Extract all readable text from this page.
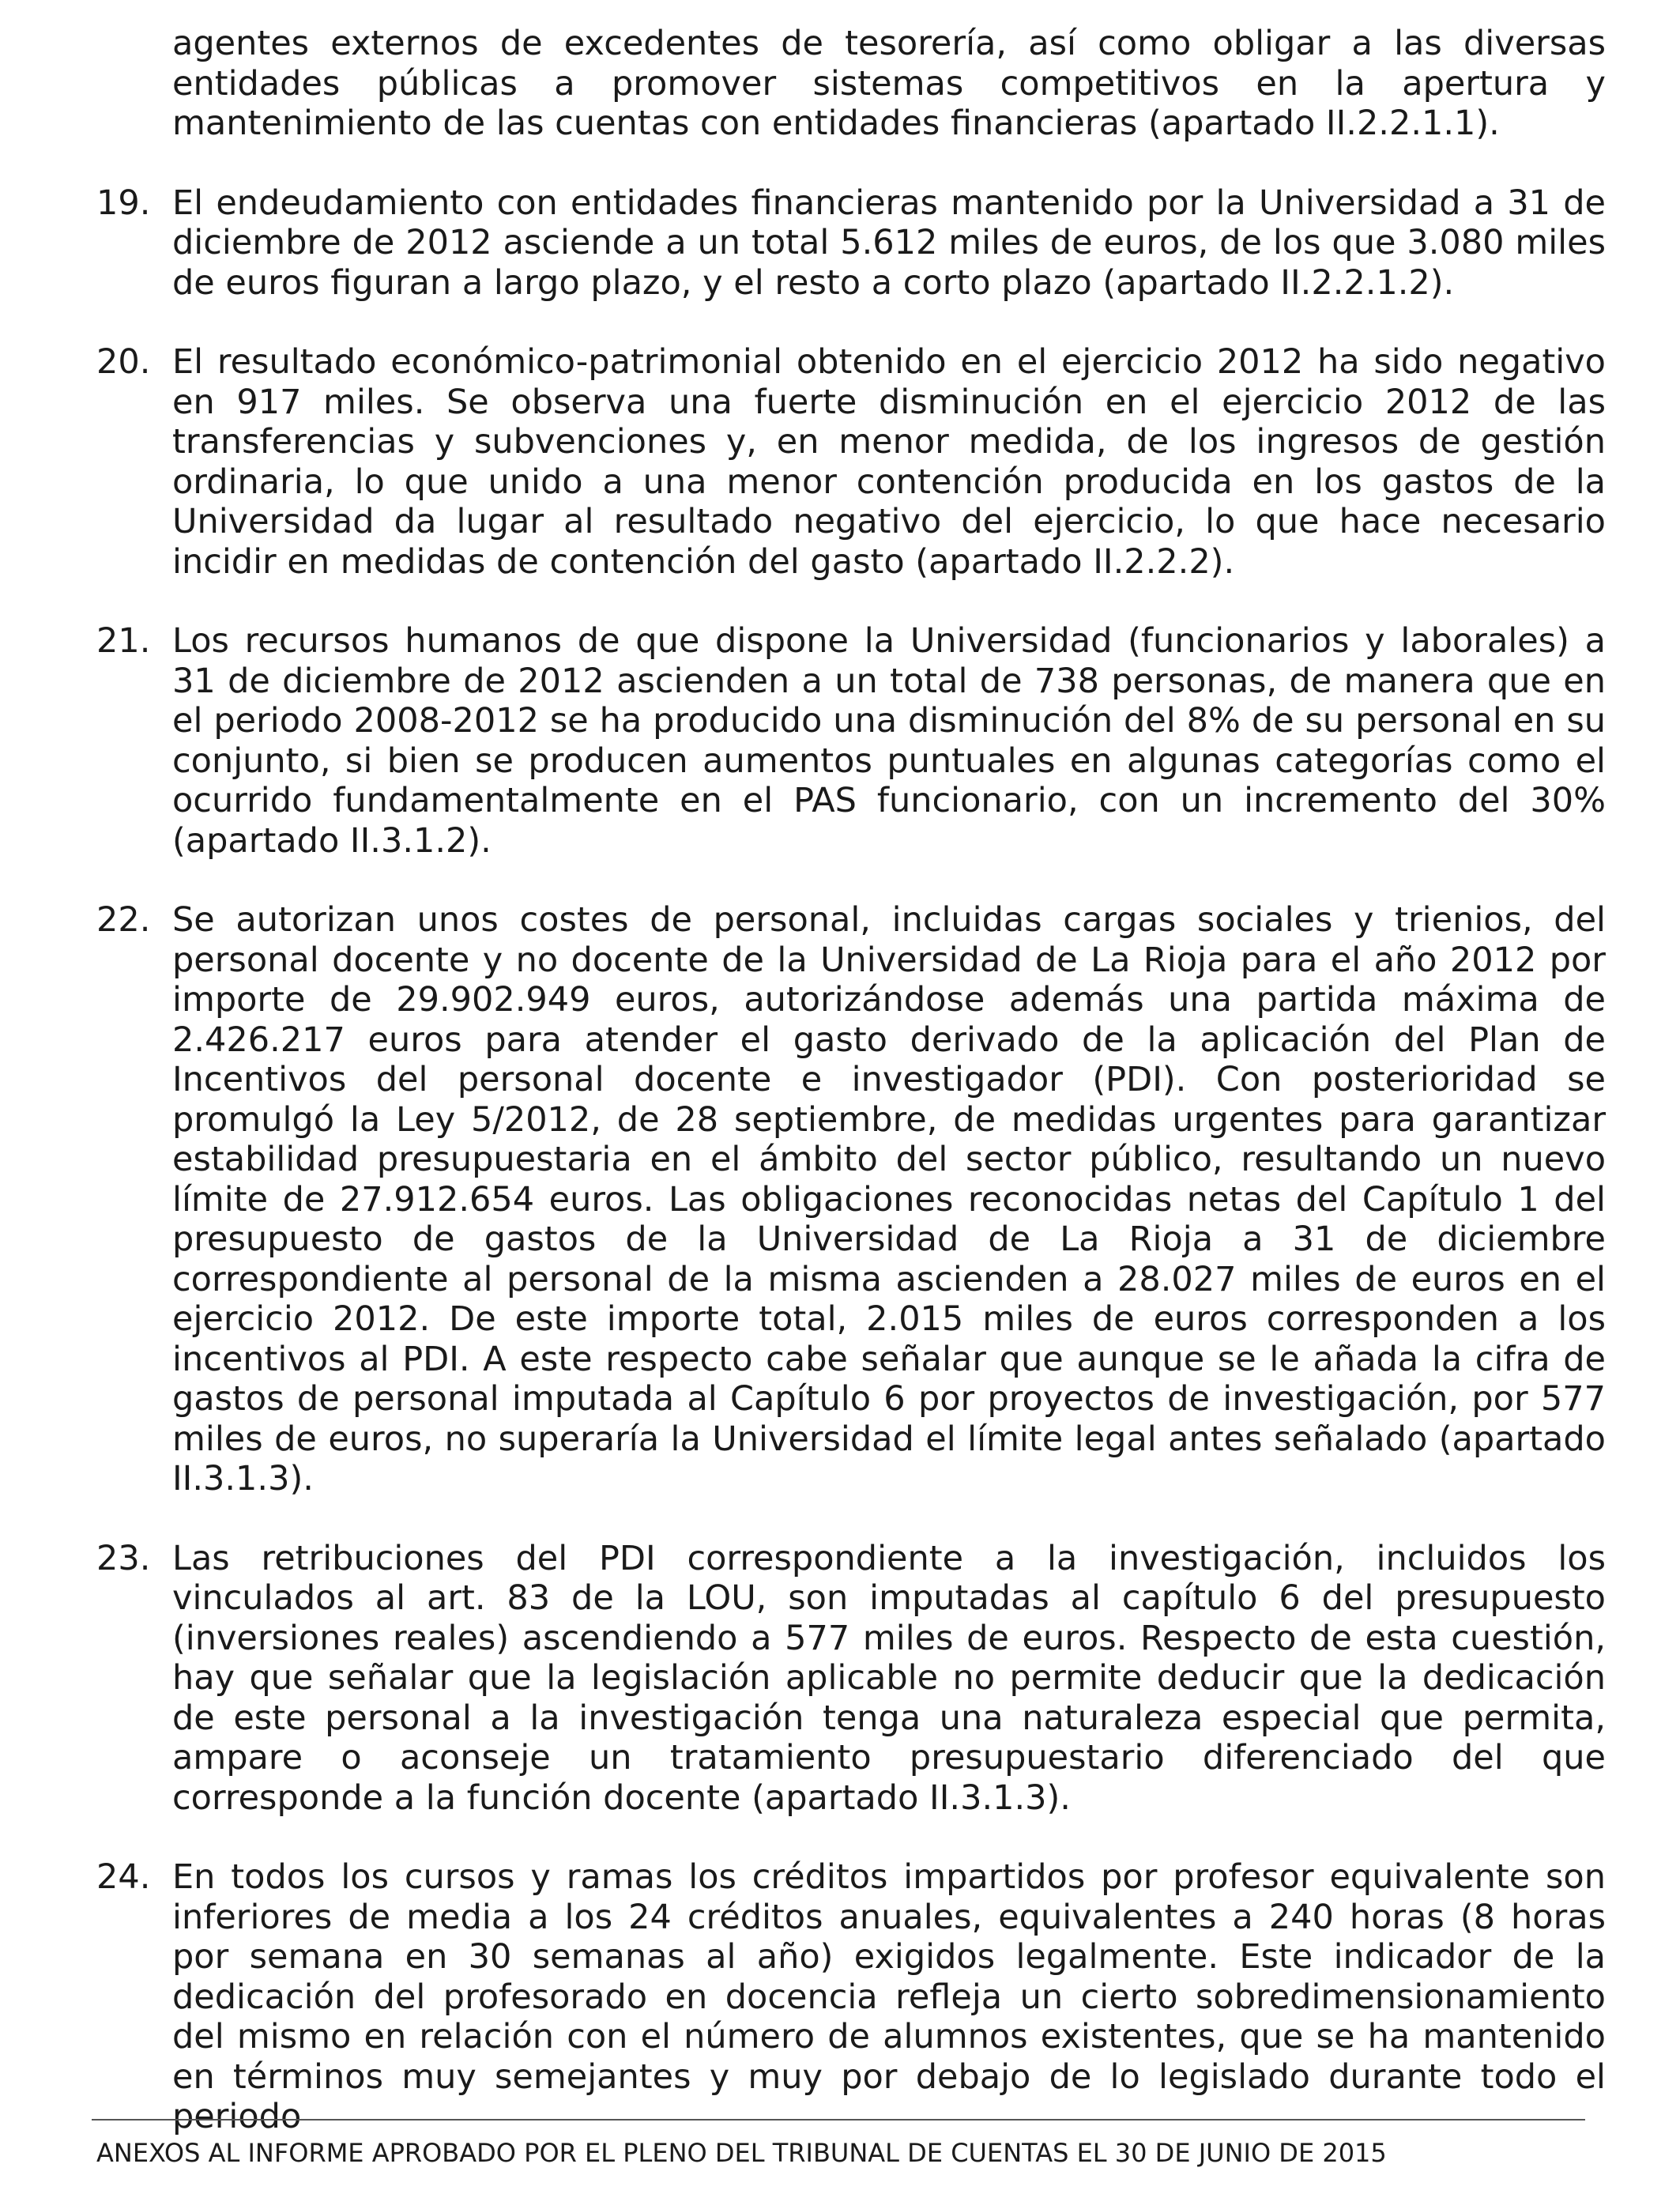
agentes externos de excedentes de tesorería, así como obligar a las diversas entidades públicas a promover sistemas competitivos en la apertura y mantenimiento de las cuentas con entidades financieras (apartado II.2.2.1.1).
19. El endeudamiento con entidades financieras mantenido por la Universidad a 31 de diciembre de 2012 asciende a un total 5.612 miles de euros, de los que 3.080 miles de euros figuran a largo plazo, y el resto a corto plazo (apartado II.2.2.1.2).
20. El resultado económico-patrimonial obtenido en el ejercicio 2012 ha sido negativo en 917 miles. Se observa una fuerte disminución en el ejercicio 2012 de las transferencias y subvenciones y, en menor medida, de los ingresos de gestión ordinaria, lo que unido a una menor contención producida en los gastos de la Universidad da lugar al resultado negativo del ejercicio, lo que hace necesario incidir en medidas de contención del gasto (apartado II.2.2.2).
21. Los recursos humanos de que dispone la Universidad (funcionarios y laborales) a 31 de diciembre de 2012 ascienden a un total de 738 personas, de manera que en el periodo 2008-2012 se ha producido una disminución del 8% de su personal en su conjunto, si bien se producen aumentos puntuales en algunas categorías como el ocurrido fundamentalmente en el PAS funcionario, con un incremento del 30% (apartado II.3.1.2).
22. Se autorizan unos costes de personal, incluidas cargas sociales y trienios, del personal docente y no docente de la Universidad de La Rioja para el año 2012 por importe de 29.902.949 euros, autorizándose además una partida máxima de 2.426.217 euros para atender el gasto derivado de la aplicación del Plan de Incentivos del personal docente e investigador (PDI). Con posterioridad se promulgó la Ley 5/2012, de 28 septiembre, de medidas urgentes para garantizar estabilidad presupuestaria en el ámbito del sector público, resultando un nuevo límite de 27.912.654 euros. Las obligaciones reconocidas netas del Capítulo 1 del presupuesto de gastos de la Universidad de La Rioja a 31 de diciembre correspondiente al personal de la misma ascienden a 28.027 miles de euros en el ejercicio 2012. De este importe total, 2.015 miles de euros corresponden a los incentivos al PDI. A este respecto cabe señalar que aunque se le añada la cifra de gastos de personal imputada al Capítulo 6 por proyectos de investigación, por 577 miles de euros, no superaría la Universidad el límite legal antes señalado (apartado II.3.1.3).
23. Las retribuciones del PDI correspondiente a la investigación, incluidos los vinculados al art. 83 de la LOU, son imputadas al capítulo 6 del presupuesto (inversiones reales) ascendiendo a 577 miles de euros. Respecto de esta cuestión, hay que señalar que la legislación aplicable no permite deducir que la dedicación de este personal a la investigación tenga una naturaleza especial que permita, ampare o aconseje un tratamiento presupuestario diferenciado del que corresponde a la función docente (apartado II.3.1.3).
24. En todos los cursos y ramas los créditos impartidos por profesor equivalente son inferiores de media a los 24 créditos anuales, equivalentes a 240 horas (8 horas por semana en 30 semanas al año) exigidos legalmente. Este indicador de la dedicación del profesorado en docencia refleja un cierto sobredimensionamiento del mismo en relación con el número de alumnos existentes, que se ha mantenido en términos muy semejantes y muy por debajo de lo legislado durante todo el periodo
ANEXOS AL INFORME APROBADO POR EL PLENO DEL TRIBUNAL DE CUENTAS EL 30 DE JUNIO DE 2015
